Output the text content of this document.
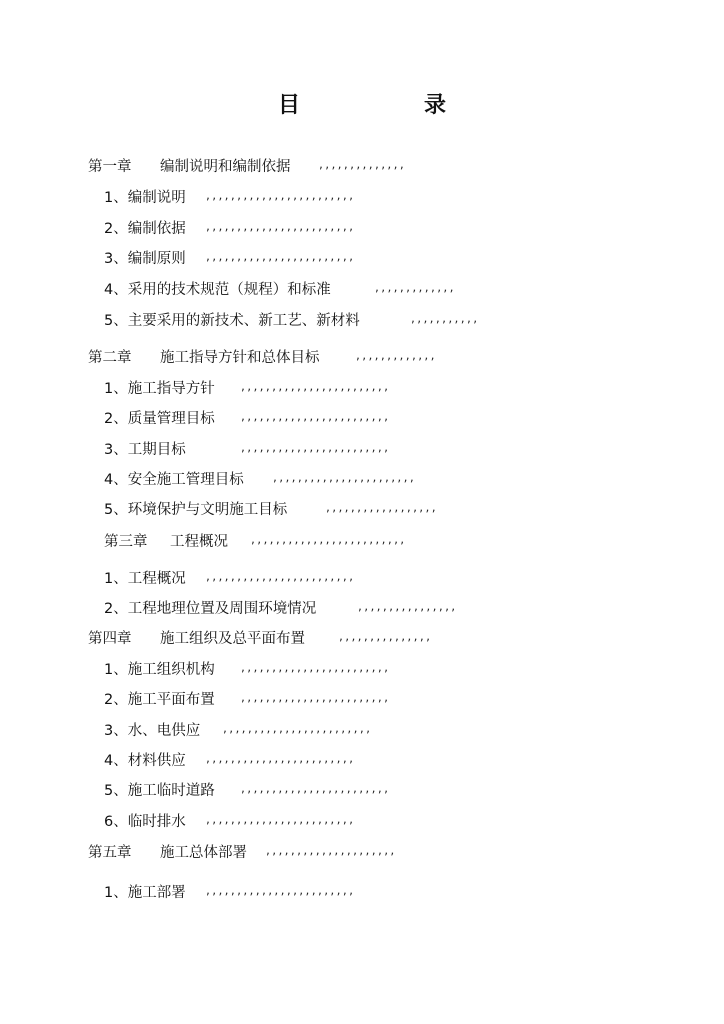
目	录
第一章 编制说明和编制依据	,,,,,,,,,,,,,,
1、编制说明 ,,,,,,,,,,,,,,,,,,,,,,,,
2、编制依据 ,,,,,,,,,,,,,,,,,,,,,,,,
3、编制原则 ,,,,,,,,,,,,,,,,,,,,,,,,
4、采用的技术规范（规程）和标准	,,,,,,,,,,,,,
5、主要采用的新技术、新工艺、新材料	,,,,,,,,,,,
第二章 施工指导方针和总体目标	,,,,,,,,,,,,,
1、施工指导方针	,,,,,,,,,,,,,,,,,,,,,,,,
2、质量管理目标	,,,,,,,,,,,,,,,,,,,,,,,,
3、工期目标	,,,,,,,,,,,,,,,,,,,,,,,,
4、安全施工管理目标	,,,,,,,,,,,,,,,,,,,,,,,
5、环境保护与文明施工目标	,,,,,,,,,,,,,,,,,,
第三章 工程概况 ,,,,,,,,,,,,,,,,,,,,,,,,,
1、工程概况 ,,,,,,,,,,,,,,,,,,,,,,,,
2、工程地理位置及周围环境情况	,,,,,,,,,,,,,,,,
第四章 施工组织及总平面布置	,,,,,,,,,,,,,,,
1、施工组织机构	,,,,,,,,,,,,,,,,,,,,,,,,
2、施工平面布置	,,,,,,,,,,,,,,,,,,,,,,,,
3、水、电供应 ,,,,,,,,,,,,,,,,,,,,,,,,
4、材料供应 ,,,,,,,,,,,,,,,,,,,,,,,,
5、施工临时道路	,,,,,,,,,,,,,,,,,,,,,,,,
6、临时排水 ,,,,,,,,,,,,,,,,,,,,,,,,
第五章 施工总体部署 ,,,,,,,,,,,,,,,,,,,,,
1、施工部署 ,,,,,,,,,,,,,,,,,,,,,,,,
